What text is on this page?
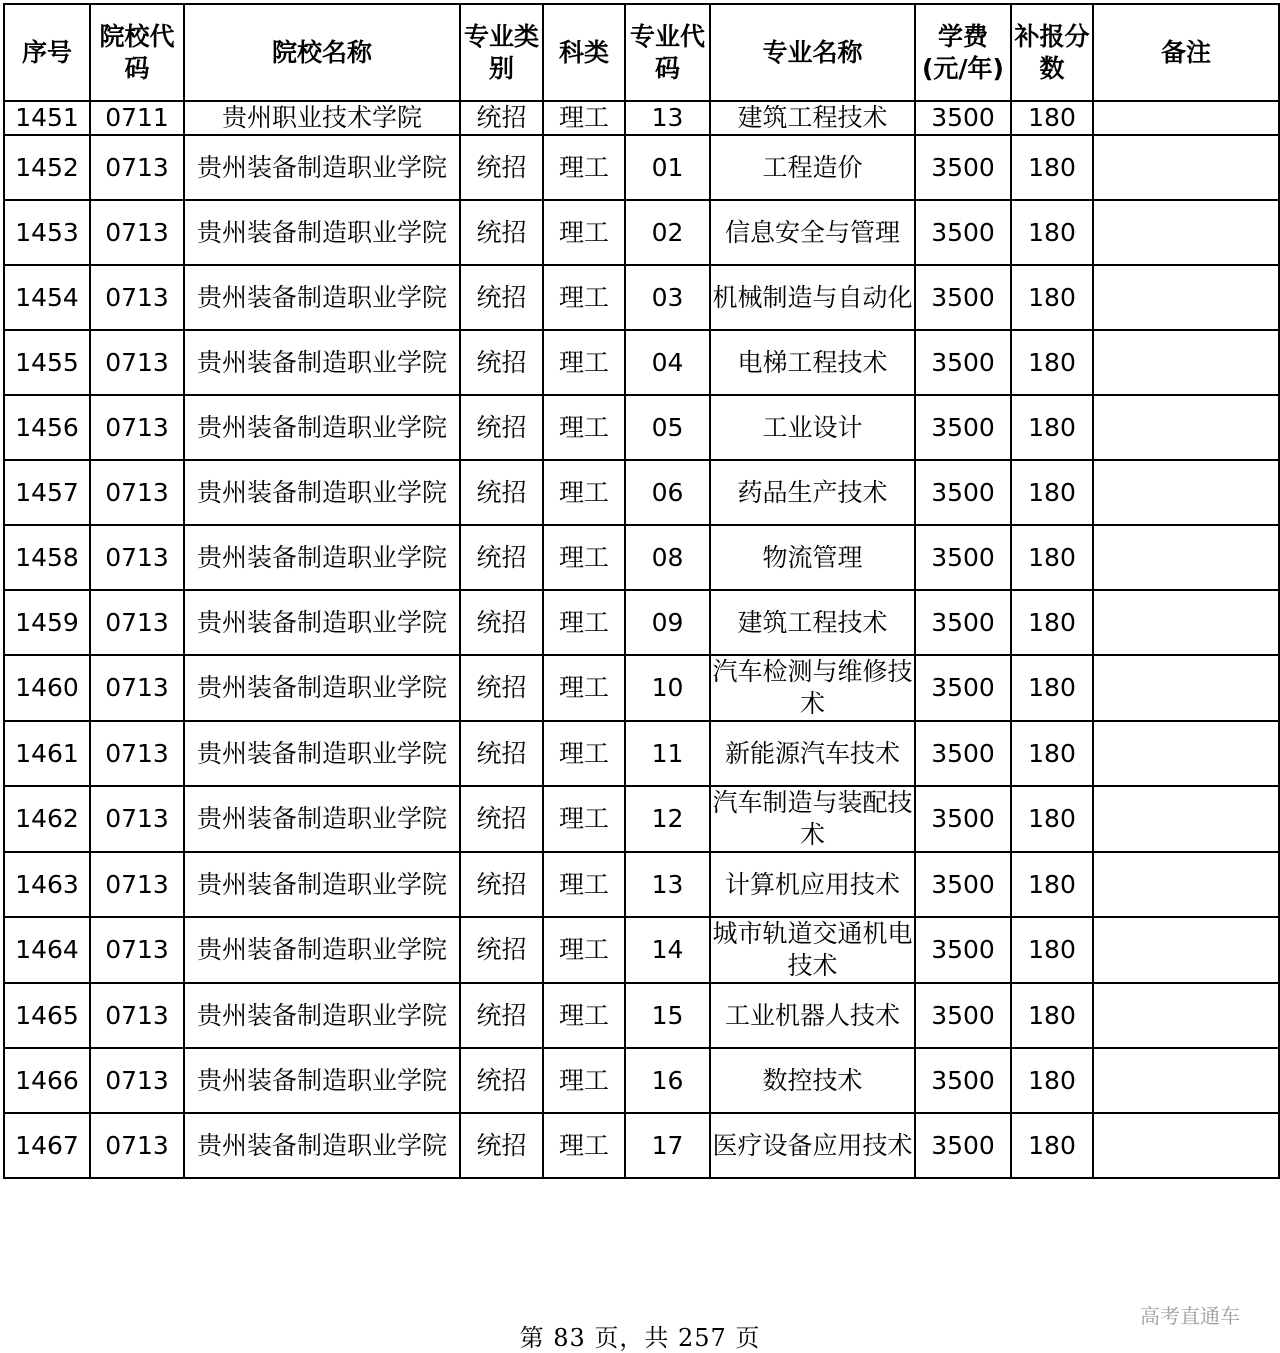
序号	院校代码	院校名称	专业类别	科类	专业代码	专业名称	学费(元/年)	补报分数	备注
1451	0711	贵州职业技术学院	统招	理工	13	建筑工程技术	3500	180	
1452	0713	贵州装备制造职业学院	统招	理工	01	工程造价	3500	180	
1453	0713	贵州装备制造职业学院	统招	理工	02	信息安全与管理	3500	180	
1454	0713	贵州装备制造职业学院	统招	理工	03	机械制造与自动化	3500	180	
1455	0713	贵州装备制造职业学院	统招	理工	04	电梯工程技术	3500	180	
1456	0713	贵州装备制造职业学院	统招	理工	05	工业设计	3500	180	
1457	0713	贵州装备制造职业学院	统招	理工	06	药品生产技术	3500	180	
1458	0713	贵州装备制造职业学院	统招	理工	08	物流管理	3500	180	
1459	0713	贵州装备制造职业学院	统招	理工	09	建筑工程技术	3500	180	
1460	0713	贵州装备制造职业学院	统招	理工	10	汽车检测与维修技术	3500	180	
1461	0713	贵州装备制造职业学院	统招	理工	11	新能源汽车技术	3500	180	
1462	0713	贵州装备制造职业学院	统招	理工	12	汽车制造与装配技术	3500	180	
1463	0713	贵州装备制造职业学院	统招	理工	13	计算机应用技术	3500	180	
1464	0713	贵州装备制造职业学院	统招	理工	14	城市轨道交通机电技术	3500	180	
1465	0713	贵州装备制造职业学院	统招	理工	15	工业机器人技术	3500	180	
1466	0713	贵州装备制造职业学院	统招	理工	16	数控技术	3500	180	
1467	0713	贵州装备制造职业学院	统招	理工	17	医疗设备应用技术	3500	180	
第 83 页，共 257 页
高考直通车
